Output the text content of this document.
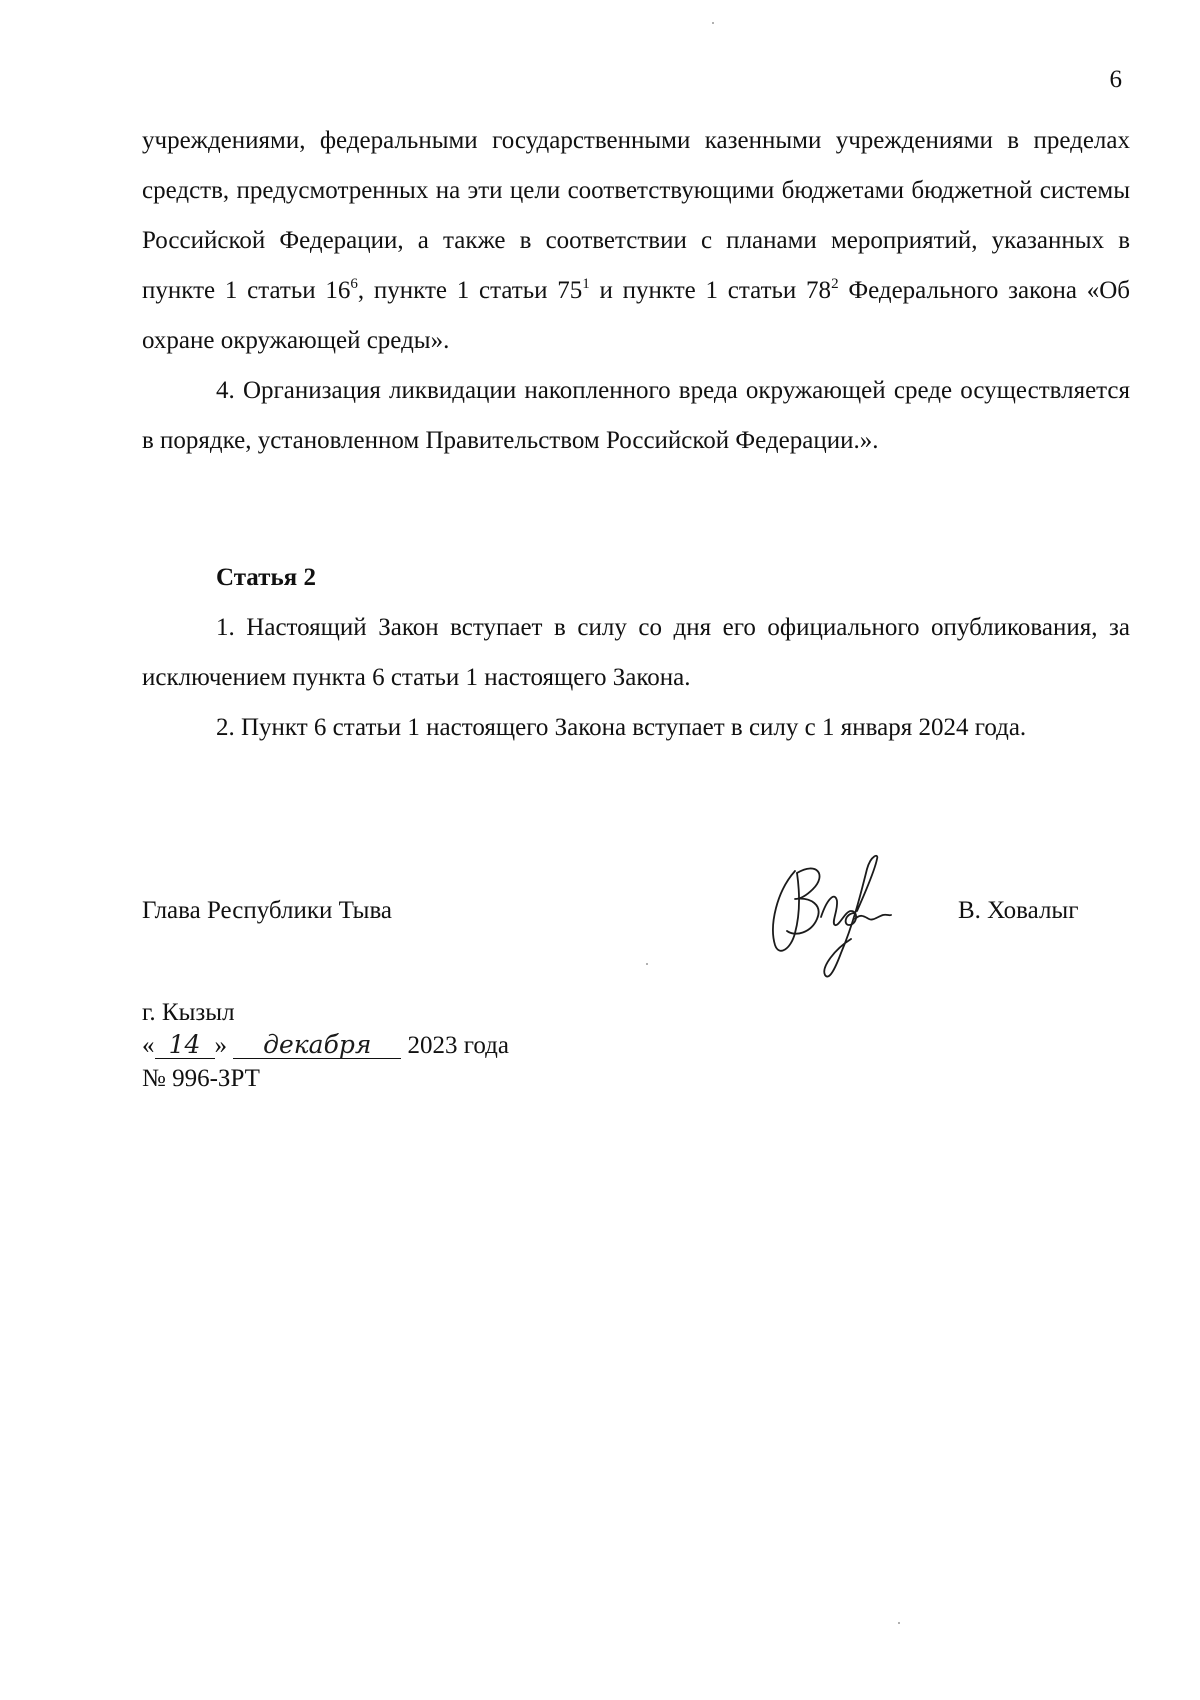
6

учреждениями, федеральными государственными казенными учреждениями в пределах средств, предусмотренных на эти цели соответствующими бюджетами бюджетной системы Российской Федерации, а также в соответствии с планами мероприятий, указанных в пункте 1 статьи $16^6$, пункте 1 статьи $75^1$ и пункте 1 статьи $78^2$ Федерального закона «Об охране окружающей среды».

4. Организация ликвидации накопленного вреда окружающей среде осуществляется в порядке, установленном Правительством Российской Федерации.».

Статья 2

1. Настоящий Закон вступает в силу со дня его официального опубликования, за исключением пункта 6 статьи 1 настоящего Закона.

2. Пункт 6 статьи 1 настоящего Закона вступает в силу с 1 января 2024 года.

Глава Республики Тыва	В. Ховалыг
г. Кызыл
« 14 » декабря 2023 года
№ 996-ЗРТ
